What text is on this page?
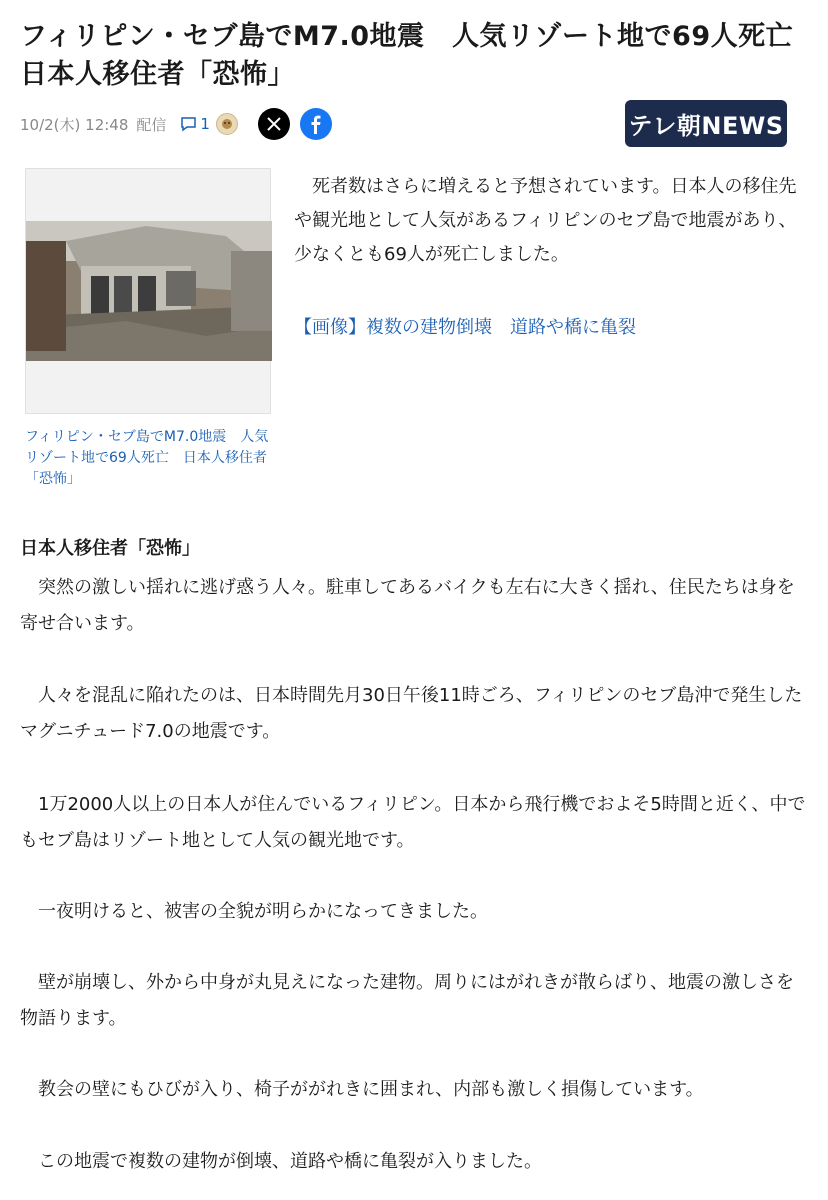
フィリピン・セブ島でM7.0地震　人気リゾート地で69人死亡　日本人移住者「恐怖」
10/2(木) 12:48 配信 1	テレ朝NEWS
フィリピン・セブ島でM7.0地震　人気リゾート地で69人死亡　日本人移住者「恐怖」
死者数はさらに増えると予想されています。日本人の移住先や観光地として人気があるフィリピンのセブ島で地震があり、少なくとも69人が死亡しました。
【画像】複数の建物倒壊　道路や橋に亀裂
日本人移住者「恐怖」
突然の激しい揺れに逃げ惑う人々。駐車してあるバイクも左右に大きく揺れ、住民たちは身を寄せ合います。
人々を混乱に陥れたのは、日本時間先月30日午後11時ごろ、フィリピンのセブ島沖で発生したマグニチュード7.0の地震です。
1万2000人以上の日本人が住んでいるフィリピン。日本から飛行機でおよそ5時間と近く、中でもセブ島はリゾート地として人気の観光地です。
一夜明けると、被害の全貌が明らかになってきました。
壁が崩壊し、外から中身が丸見えになった建物。周りにはがれきが散らばり、地震の激しさを物語ります。
教会の壁にもひびが入り、椅子ががれきに囲まれ、内部も激しく損傷しています。
この地震で複数の建物が倒壊、道路や橋に亀裂が入りました。
